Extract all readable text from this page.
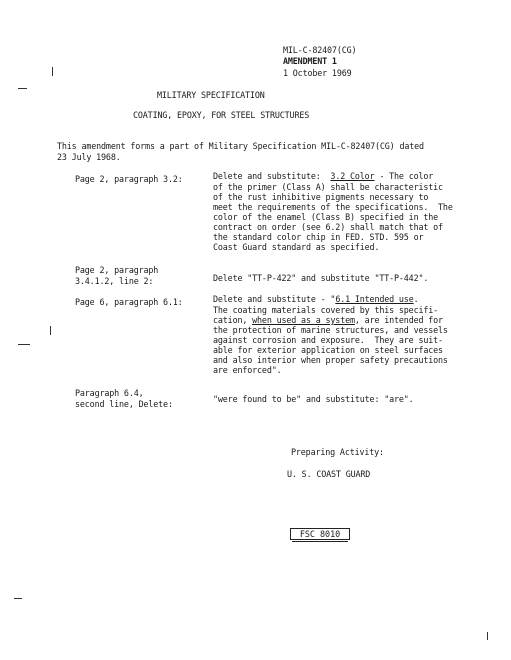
MIL-C-82407(CG)
AMENDMENT 1
1 October 1969
MILITARY SPECIFICATION
COATING, EPOXY, FOR STEEL STRUCTURES
This amendment forms a part of Military Specification MIL-C-82407(CG) dated
23 July 1968.
Page 2, paragraph 3.2:	Delete and substitute:  3.2 Color - The color
of the primer (Class A) shall be characteristic
of the rust inhibitive pigments necessary to
meet the requirements of the specifications.  The
color of the enamel (Class B) specified in the
contract on order (see 6.2) shall match that of
the standard color chip in FED. STD. 595 or
Coast Guard standard as specified.
Page 2, paragraph
3.4.1.2, line 2:	Delete "TT-P-422" and substitute "TT-P-442".
Page 6, paragraph 6.1:	Delete and substitute - "6.1 Intended use.
The coating materials covered by this specifi-
cation, when used as a system, are intended for
the protection of marine structures, and vessels
against corrosion and exposure.  They are suit-
able for exterior application on steel surfaces
and also interior when proper safety precautions
are enforced".
Paragraph 6.4,
second line, Delete:	"were found to be" and substitute: "are".
Preparing Activity:
U. S. COAST GUARD
FSC 8010
